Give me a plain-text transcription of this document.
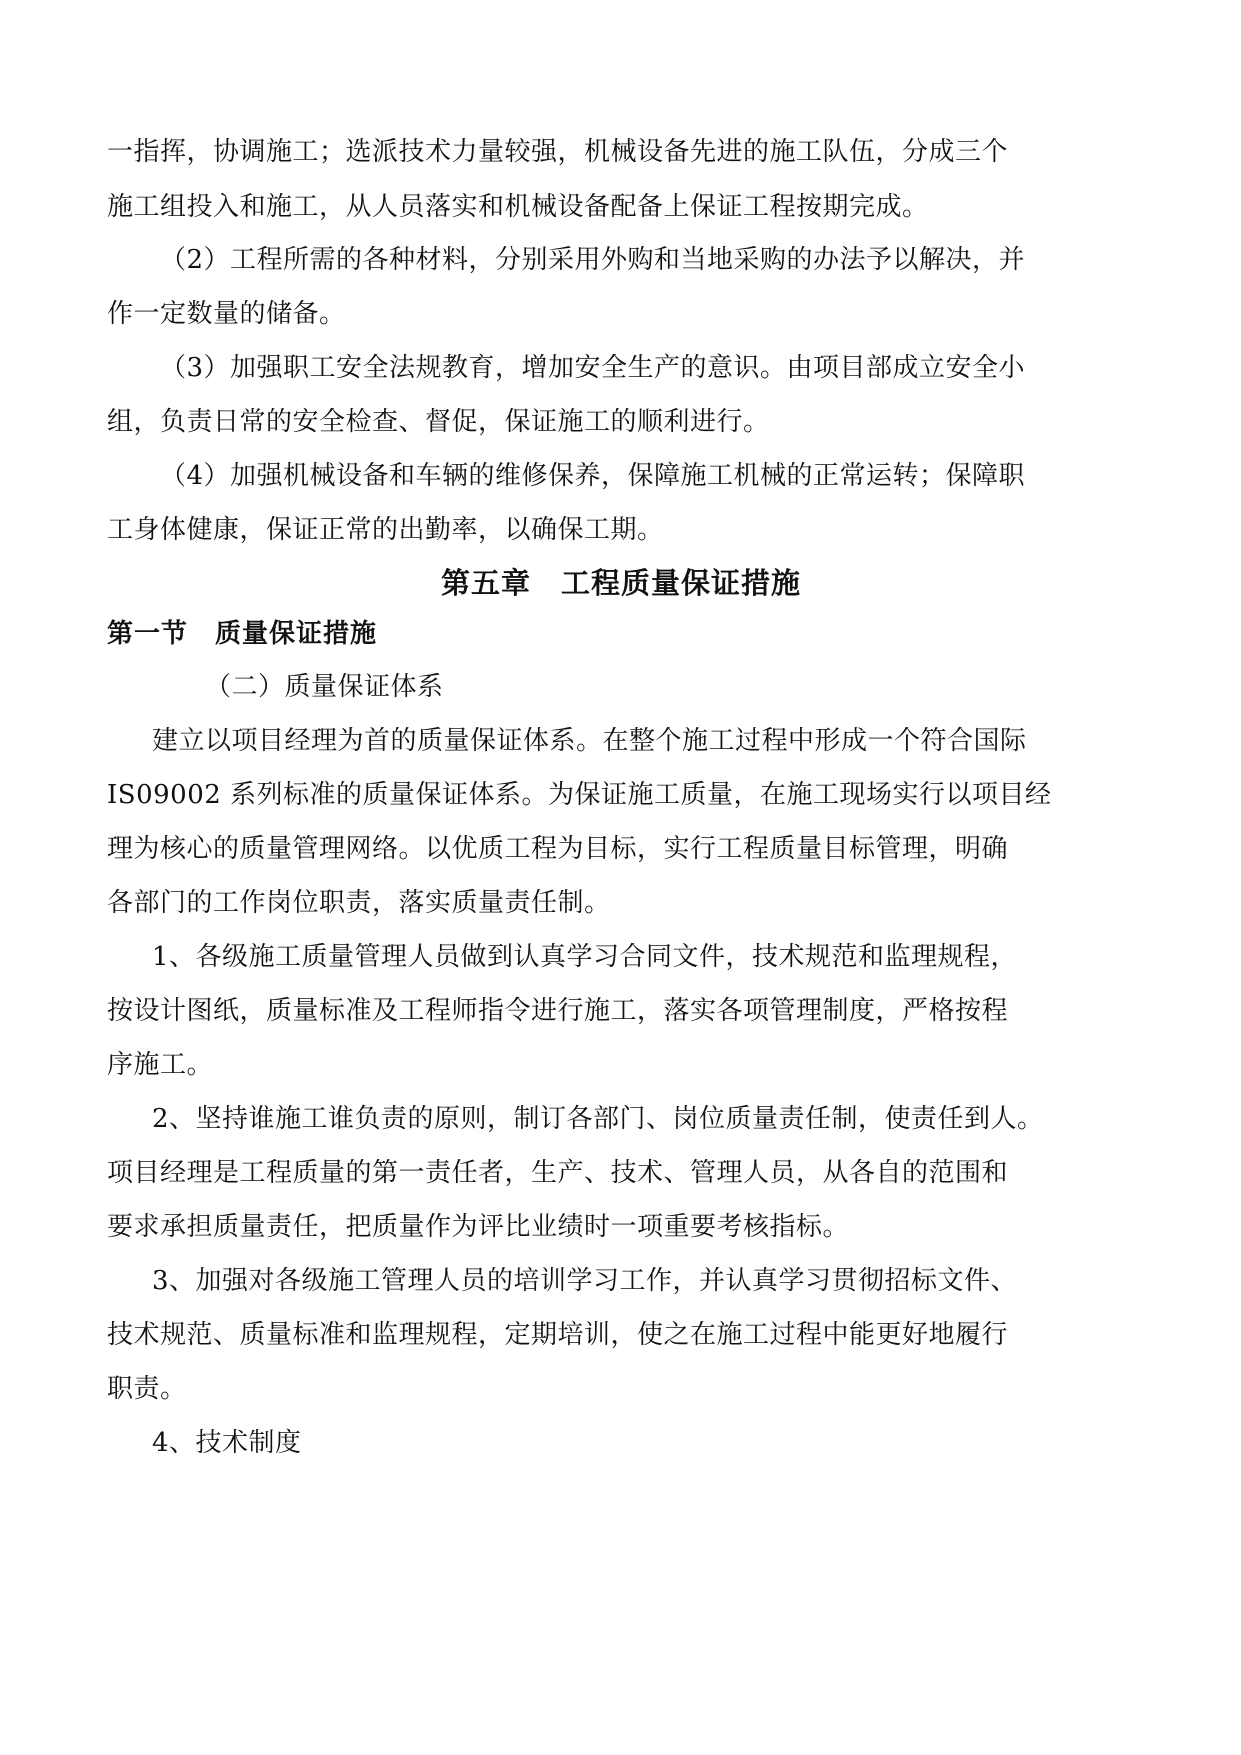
一指挥，协调施工；选派技术力量较强，机械设备先进的施工队伍，分成三个
施工组投入和施工，从人员落实和机械设备配备上保证工程按期完成。
（2）工程所需的各种材料，分别采用外购和当地采购的办法予以解决，并
作一定数量的储备。
（3）加强职工安全法规教育，增加安全生产的意识。由项目部成立安全小
组，负责日常的安全检查、督促，保证施工的顺利进行。
（4）加强机械设备和车辆的维修保养，保障施工机械的正常运转；保障职
工身体健康，保证正常的出勤率，以确保工期。
第五章　工程质量保证措施
第一节　质量保证措施
（二）质量保证体系
建立以项目经理为首的质量保证体系。在整个施工过程中形成一个符合国际
IS09002 系列标准的质量保证体系。为保证施工质量，在施工现场实行以项目经
理为核心的质量管理网络。以优质工程为目标，实行工程质量目标管理，明确
各部门的工作岗位职责，落实质量责任制。
1、各级施工质量管理人员做到认真学习合同文件，技术规范和监理规程，
按设计图纸，质量标准及工程师指令进行施工，落实各项管理制度，严格按程
序施工。
2、坚持谁施工谁负责的原则，制订各部门、岗位质量责任制，使责任到人。
项目经理是工程质量的第一责任者，生产、技术、管理人员，从各自的范围和
要求承担质量责任，把质量作为评比业绩时一项重要考核指标。
3、加强对各级施工管理人员的培训学习工作，并认真学习贯彻招标文件、
技术规范、质量标准和监理规程，定期培训，使之在施工过程中能更好地履行
职责。
4、技术制度
